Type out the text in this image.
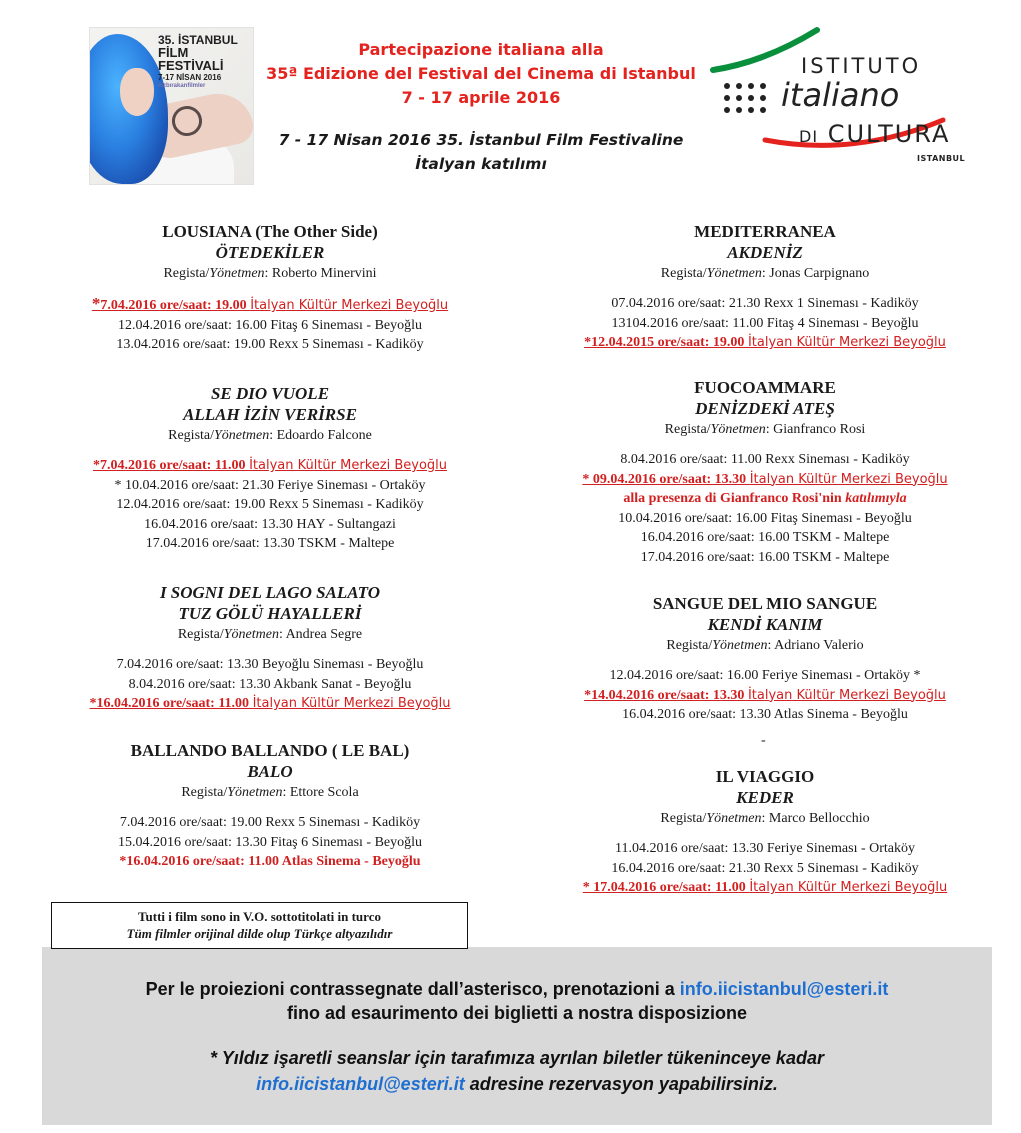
35. İSTANBUL
FİLM FESTİVALİ
7-17 NİSAN 2016
#izbırakanfilmler
Partecipazione italiana alla
35ª Edizione del Festival del Cinema di Istanbul
7 - 17 aprile 2016
7 - 17 Nisan 2016 35. İstanbul Film Festivaline
İtalyan katılımı
ISTITUTO
italiano
DI CULTURA
ISTANBUL
LOUSIANA (The Other Side)
ÖTEDEKİLER
Regista/Yönetmen: Roberto Minervini
*7.04.2016 ore/saat: 19.00 İtalyan Kültür Merkezi Beyoğlu
12.04.2016 ore/saat: 16.00 Fitaş 6 Sineması - Beyoğlu
13.04.2016 ore/saat: 19.00 Rexx 5 Sineması - Kadiköy
SE DIO VUOLE
ALLAH İZİN VERİRSE
Regista/Yönetmen: Edoardo Falcone
*7.04.2016 ore/saat: 11.00 İtalyan Kültür Merkezi Beyoğlu
* 10.04.2016 ore/saat: 21.30 Feriye Sineması - Ortaköy
12.04.2016 ore/saat: 19.00 Rexx 5 Sineması - Kadiköy
16.04.2016 ore/saat: 13.30 HAY - Sultangazi
17.04.2016 ore/saat: 13.30 TSKM - Maltepe
I SOGNI DEL LAGO SALATO
TUZ GÖLÜ HAYALLERİ
Regista/Yönetmen: Andrea Segre
7.04.2016 ore/saat: 13.30 Beyoğlu Sineması - Beyoğlu
8.04.2016 ore/saat: 13.30 Akbank Sanat - Beyoğlu
*16.04.2016 ore/saat: 11.00 İtalyan Kültür Merkezi Beyoğlu
BALLANDO BALLANDO ( LE BAL)
BALO
Regista/Yönetmen: Ettore Scola
7.04.2016 ore/saat: 19.00 Rexx 5 Sineması - Kadiköy
15.04.2016 ore/saat: 13.30 Fitaş 6 Sineması - Beyoğlu
*16.04.2016 ore/saat: 11.00 Atlas Sinema - Beyoğlu
MEDITERRANEA
AKDENİZ
Regista/Yönetmen: Jonas Carpignano
07.04.2016 ore/saat: 21.30 Rexx 1 Sineması - Kadiköy
13104.2016 ore/saat: 11.00 Fitaş 4 Sineması - Beyoğlu
*12.04.2015 ore/saat: 19.00 İtalyan Kültür Merkezi Beyoğlu
FUOCOAMMARE
DENİZDEKİ ATEŞ
Regista/Yönetmen: Gianfranco Rosi
8.04.2016 ore/saat: 11.00 Rexx Sineması - Kadiköy
* 09.04.2016 ore/saat: 13.30 İtalyan Kültür Merkezi Beyoğlu
alla presenza di Gianfranco Rosi'nin katılımıyla
10.04.2016 ore/saat: 16.00 Fitaş Sineması - Beyoğlu
16.04.2016 ore/saat: 16.00 TSKM - Maltepe
17.04.2016 ore/saat: 16.00 TSKM - Maltepe
SANGUE DEL MIO SANGUE
KENDİ KANIM
Regista/Yönetmen: Adriano Valerio
12.04.2016 ore/saat: 16.00 Feriye Sineması - Ortaköy *
*14.04.2016 ore/saat: 13.30 İtalyan Kültür Merkezi Beyoğlu
16.04.2016 ore/saat: 13.30 Atlas Sinema - Beyoğlu
-
IL VIAGGIO
KEDER
Regista/Yönetmen: Marco Bellocchio
11.04.2016 ore/saat: 13.30 Feriye Sineması - Ortaköy
16.04.2016 ore/saat: 21.30 Rexx 5 Sineması - Kadiköy
* 17.04.2016 ore/saat: 11.00 İtalyan Kültür Merkezi Beyoğlu
Per le proiezioni contrassegnate dall’asterisco, prenotazioni a info.iicistanbul@esteri.it
fino ad esaurimento dei biglietti a nostra disposizione
* Yıldız işaretli seanslar için tarafımıza ayrılan biletler tükeninceye kadar
info.iicistanbul@esteri.it adresine rezervasyon yapabilirsiniz.
Tutti i film sono in V.O. sottotitolati in turco
Tüm filmler orijinal dilde olup Türkçe altyazılıdır
